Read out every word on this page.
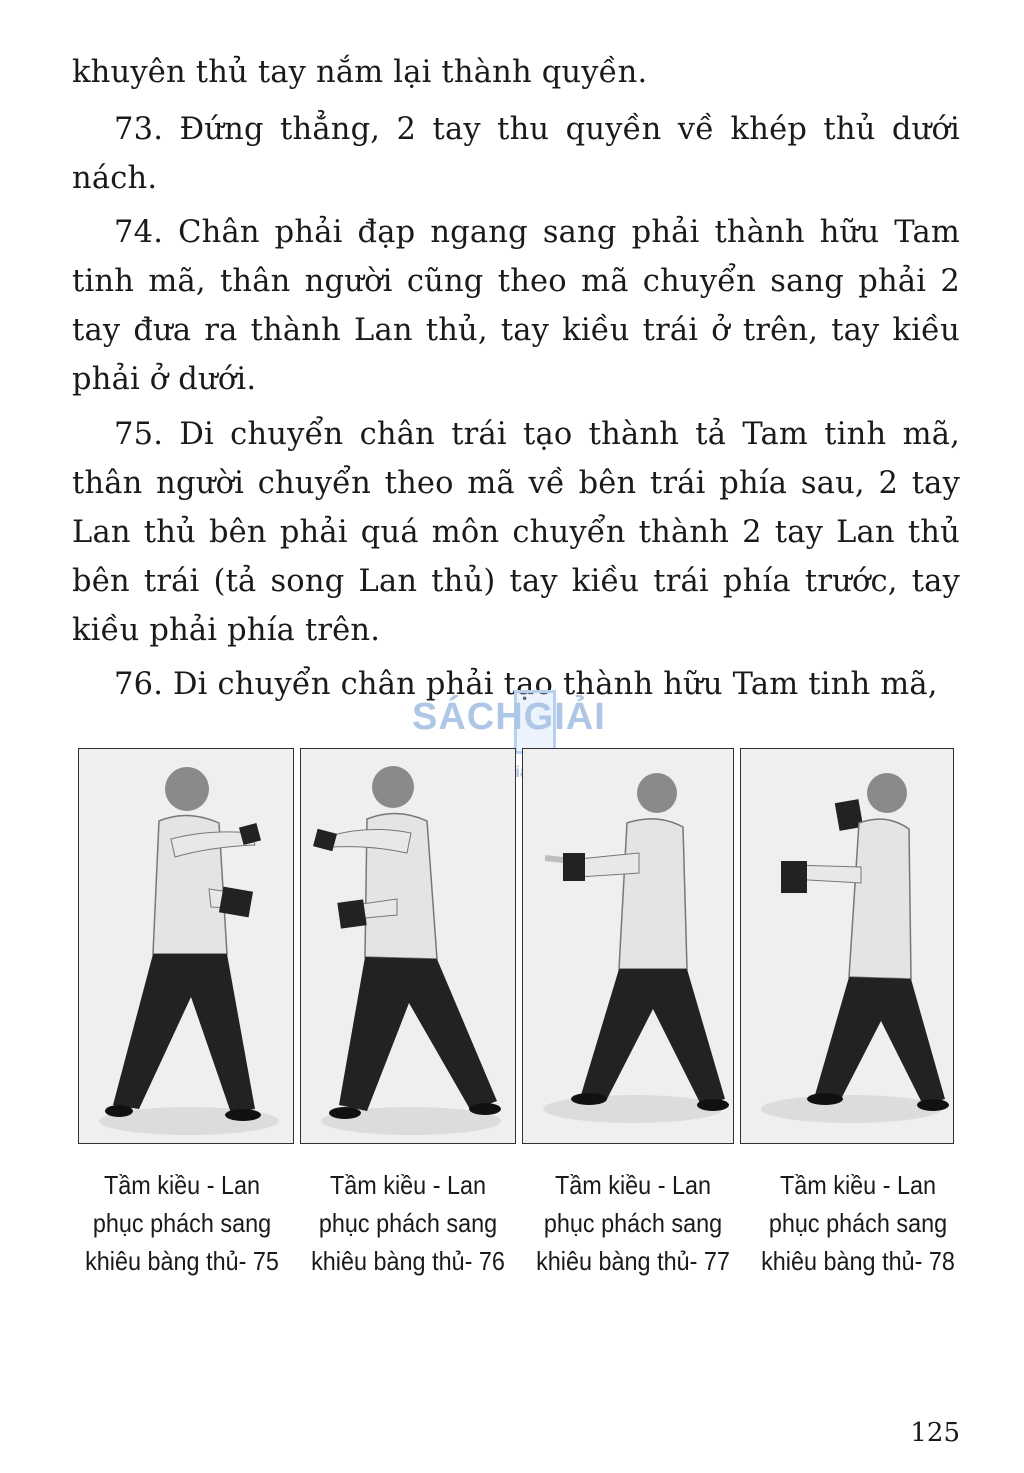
khuyên thủ tay nắm lại thành quyền.

73. Đứng thẳng, 2 tay thu quyền về khép thủ dưới nách.

74. Chân phải đạp ngang sang phải thành hữu Tam tinh mã, thân người cũng theo mã chuyển sang phải 2 tay đưa ra thành Lan thủ, tay kiều trái ở trên, tay kiều phải ở dưới.

75. Di chuyển chân trái tạo thành tả Tam tinh mã, thân người chuyển theo mã về bên trái phía sau, 2 tay Lan thủ bên phải quá môn chuyển thành 2 tay Lan thủ bên trái (tả song Lan thủ) tay kiều trái phía trước, tay kiều phải phía trên.

76. Di chuyển chân phải tạo thành hữu Tam tinh mã,

SÁCHGIẢI

Tầm kiều - Lan phục phách sang khiêu bàng thủ- 75

Tầm kiều - Lan phục phách sang khiêu bàng thủ- 76

Tầm kiều - Lan phục phách sang khiêu bàng thủ- 77

Tầm kiều - Lan phục phách sang khiêu bàng thủ- 78

125
